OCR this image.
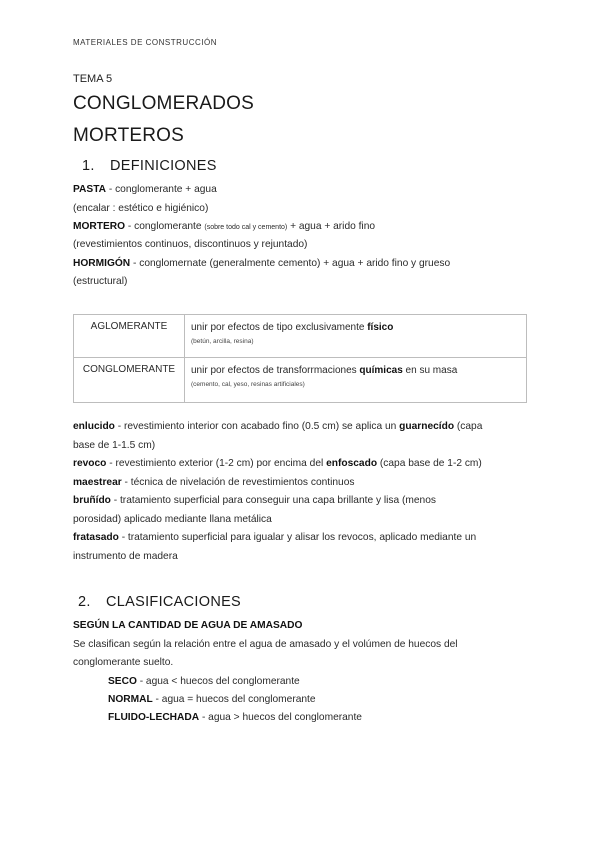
MATERIALES DE CONSTRUCCIÓN
TEMA 5
CONGLOMERADOS
MORTEROS
1. DEFINICIONES
PASTA - conglomerante + agua
(encalar : estético e higiénico)
MORTERO - conglomerante (sobre todo cal y cemento) + agua + arido fino
(revestimientos continuos, discontinuos y rejuntado)
HORMIGÓN - conglomernate (generalmente cemento) + agua + arido fino y grueso
(estructural)
AGLOMERANTE	unir por efectos de tipo exclusivamente físico
(betún, arcilla, resina)

CONGLOMERANTE	unir por efectos de transforrmaciones químicas en su masa
(cemento, cal, yeso, resinas artificiales)
enlucido - revestimiento interior con acabado fino (0.5 cm) se aplica un guarnecído (capa
base de 1-1.5 cm)
revoco - revestimiento exterior (1-2 cm) por encima del enfoscado (capa base de 1-2 cm)
maestrear - técnica de nivelación de revestimientos continuos
bruñído - tratamiento superficial para conseguir una capa brillante y lisa (menos
porosidad) aplicado mediante llana metálica
fratasado - tratamiento superficial para igualar y alisar los revocos, aplicado mediante un
instrumento de madera
2. CLASIFICACIONES
SEGÚN LA CANTIDAD DE AGUA DE AMASADO
Se clasifican según la relación entre el agua de amasado y el volúmen de huecos del
conglomerante suelto.
SECO - agua < huecos del conglomerante
NORMAL - agua = huecos del conglomerante
FLUIDO-LECHADA - agua > huecos del conglomerante
